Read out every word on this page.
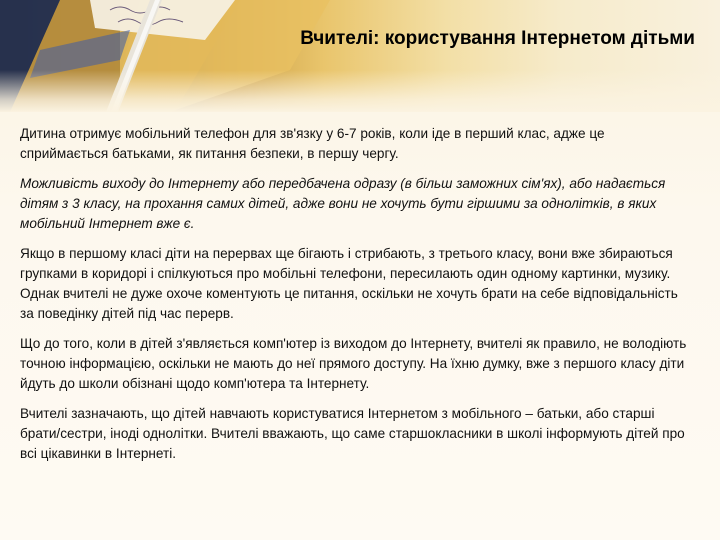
Вчителі: користування Інтернетом дітьми

Дитина отримує мобільний телефон для зв'язку у 6-7 років, коли іде в перший клас, адже це сприймається батьками, як питання безпеки, в першу чергу.

Можливість виходу до Інтернету або передбачена одразу (в більш заможних сім'ях), або надається дітям з 3 класу, на прохання самих дітей, адже вони не хочуть бути гіршими за однолітків, в яких мобільний Інтернет вже є.

Якщо в першому класі діти на перервах ще бігають і стрибають, з третього класу, вони вже збираються групками в коридорі і спілкуються про мобільні телефони, пересилають один одному картинки, музику. Однак вчителі не дуже охоче коментують це питання, оскільки не хочуть брати на себе відповідальність за поведінку дітей під час перерв.

Що до того, коли в дітей з'являється комп'ютер із виходом до Інтернету, вчителі як правило, не володіють точною інформацією, оскільки не мають до неї прямого доступу. На їхню думку, вже з першого класу діти йдуть до школи обізнані щодо комп'ютера та Інтернету.

Вчителі зазначають, що дітей навчають користуватися Інтернетом з мобільного – батьки, або старші брати/сестри, іноді однолітки. Вчителі вважають, що саме старшокласники в школі інформують дітей про всі цікавинки в Інтернеті.
